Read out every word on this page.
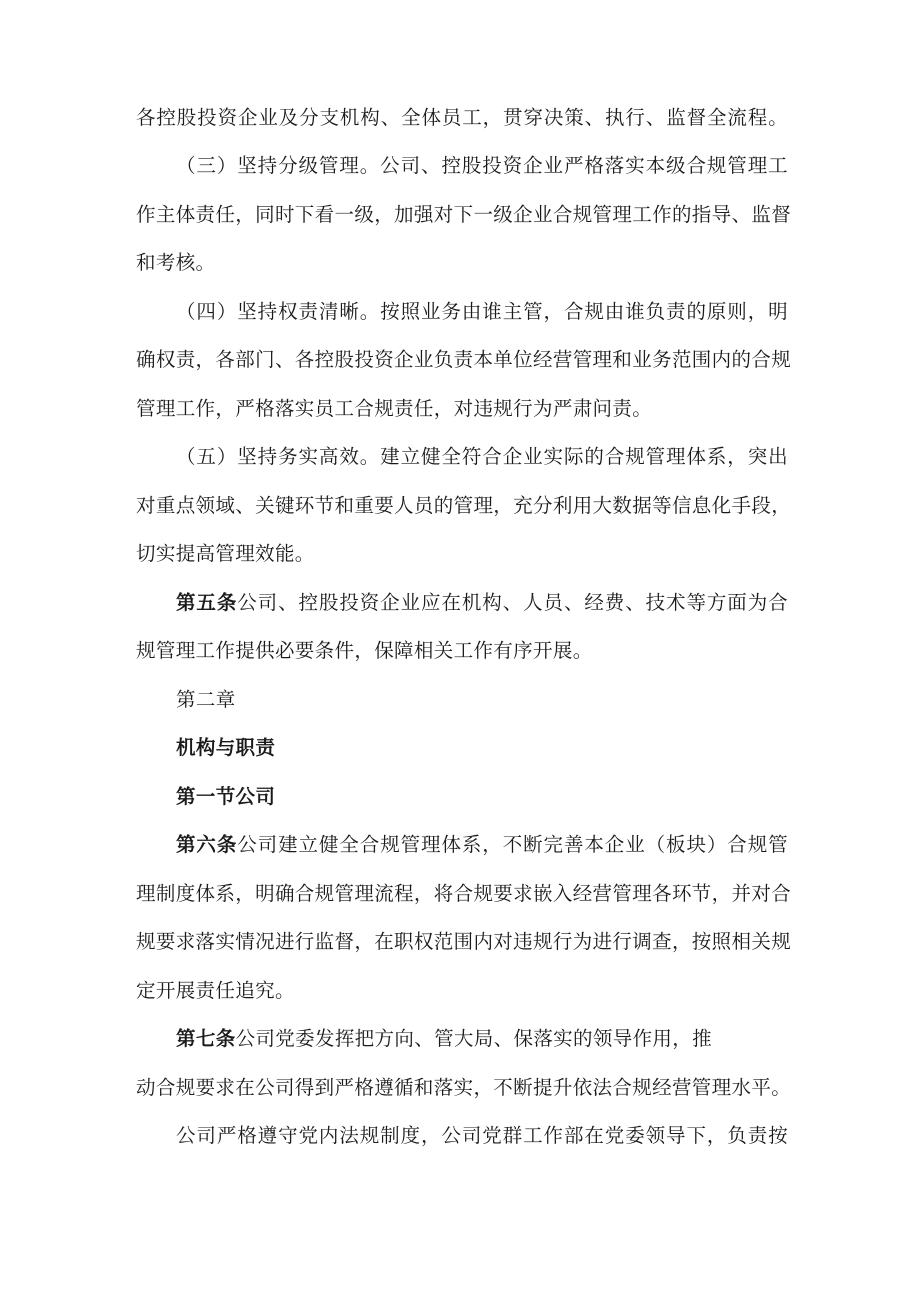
各控股投资企业及分支机构、全体员工，贯穿决策、执行、监督全流程。
（三）坚持分级管理。公司、控股投资企业严格落实本级合规管理工
作主体责任，同时下看一级，加强对下一级企业合规管理工作的指导、监督
和考核。
（四）坚持权责清晰。按照业务由谁主管，合规由谁负责的原则，明
确权责，各部门、各控股投资企业负责本单位经营管理和业务范围内的合规
管理工作，严格落实员工合规责任，对违规行为严肃问责。
（五）坚持务实高效。建立健全符合企业实际的合规管理体系，突出
对重点领域、关键环节和重要人员的管理，充分利用大数据等信息化手段，
切实提高管理效能。
第五条公司、控股投资企业应在机构、人员、经费、技术等方面为合
规管理工作提供必要条件，保障相关工作有序开展。
第二章
机构与职责
第一节公司
第六条公司建立健全合规管理体系，不断完善本企业（板块）合规管
理制度体系，明确合规管理流程，将合规要求嵌入经营管理各环节，并对合
规要求落实情况进行监督，在职权范围内对违规行为进行调查，按照相关规
定开展责任追究。
第七条公司党委发挥把方向、管大局、保落实的领导作用，推
动合规要求在公司得到严格遵循和落实，不断提升依法合规经营管理水平。
公司严格遵守党内法规制度，公司党群工作部在党委领导下，负责按
